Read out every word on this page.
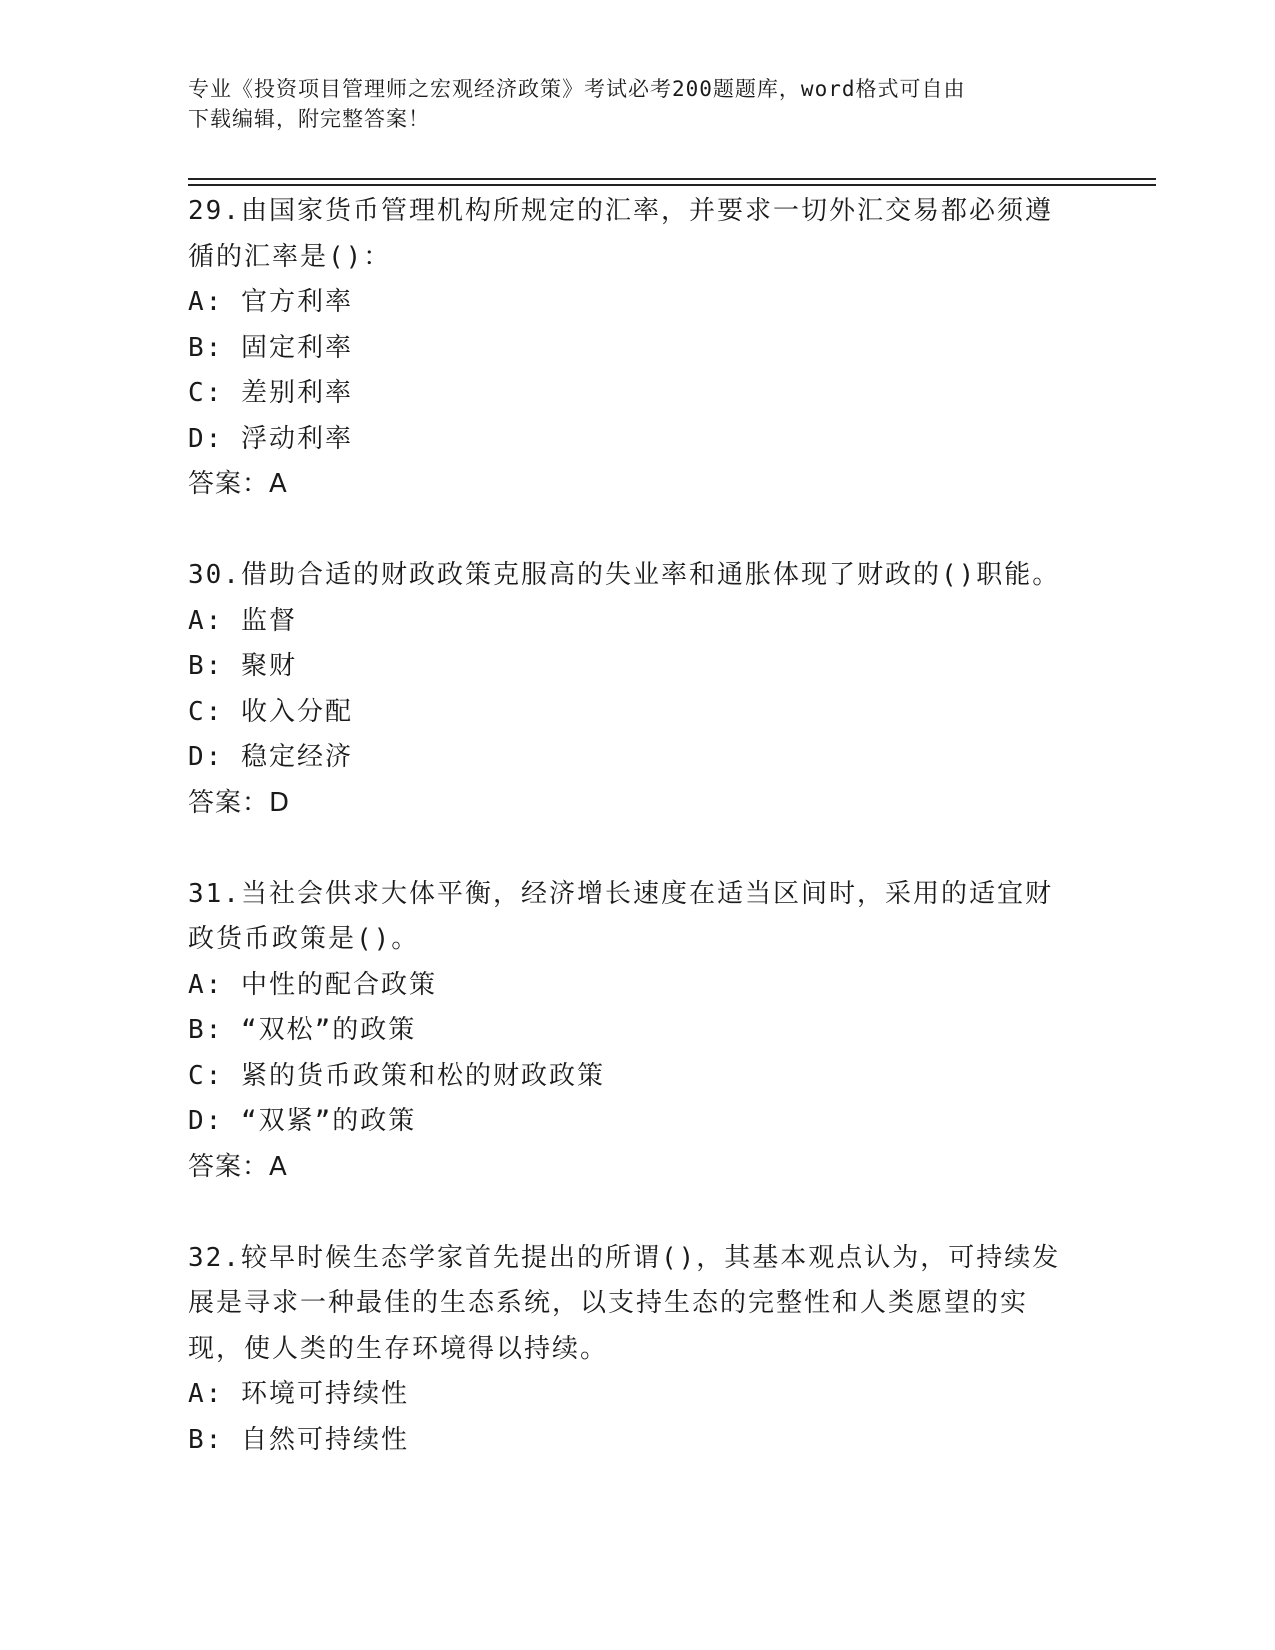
专业《投资项目管理师之宏观经济政策》考试必考200题题库，word格式可自由
下载编辑，附完整答案！
29.由国家货币管理机构所规定的汇率，并要求一切外汇交易都必须遵
循的汇率是()：
A: 官方利率
B: 固定利率
C: 差别利率
D: 浮动利率
答案：A
30.借助合适的财政政策克服高的失业率和通胀体现了财政的()职能。
A: 监督
B: 聚财
C: 收入分配
D: 稳定经济
答案：D
31.当社会供求大体平衡，经济增长速度在适当区间时，采用的适宜财
政货币政策是()。
A: 中性的配合政策
B: “双松”的政策
C: 紧的货币政策和松的财政政策
D: “双紧”的政策
答案：A
32.较早时候生态学家首先提出的所谓()，其基本观点认为，可持续发
展是寻求一种最佳的生态系统，以支持生态的完整性和人类愿望的实
现，使人类的生存环境得以持续。
A: 环境可持续性
B: 自然可持续性
